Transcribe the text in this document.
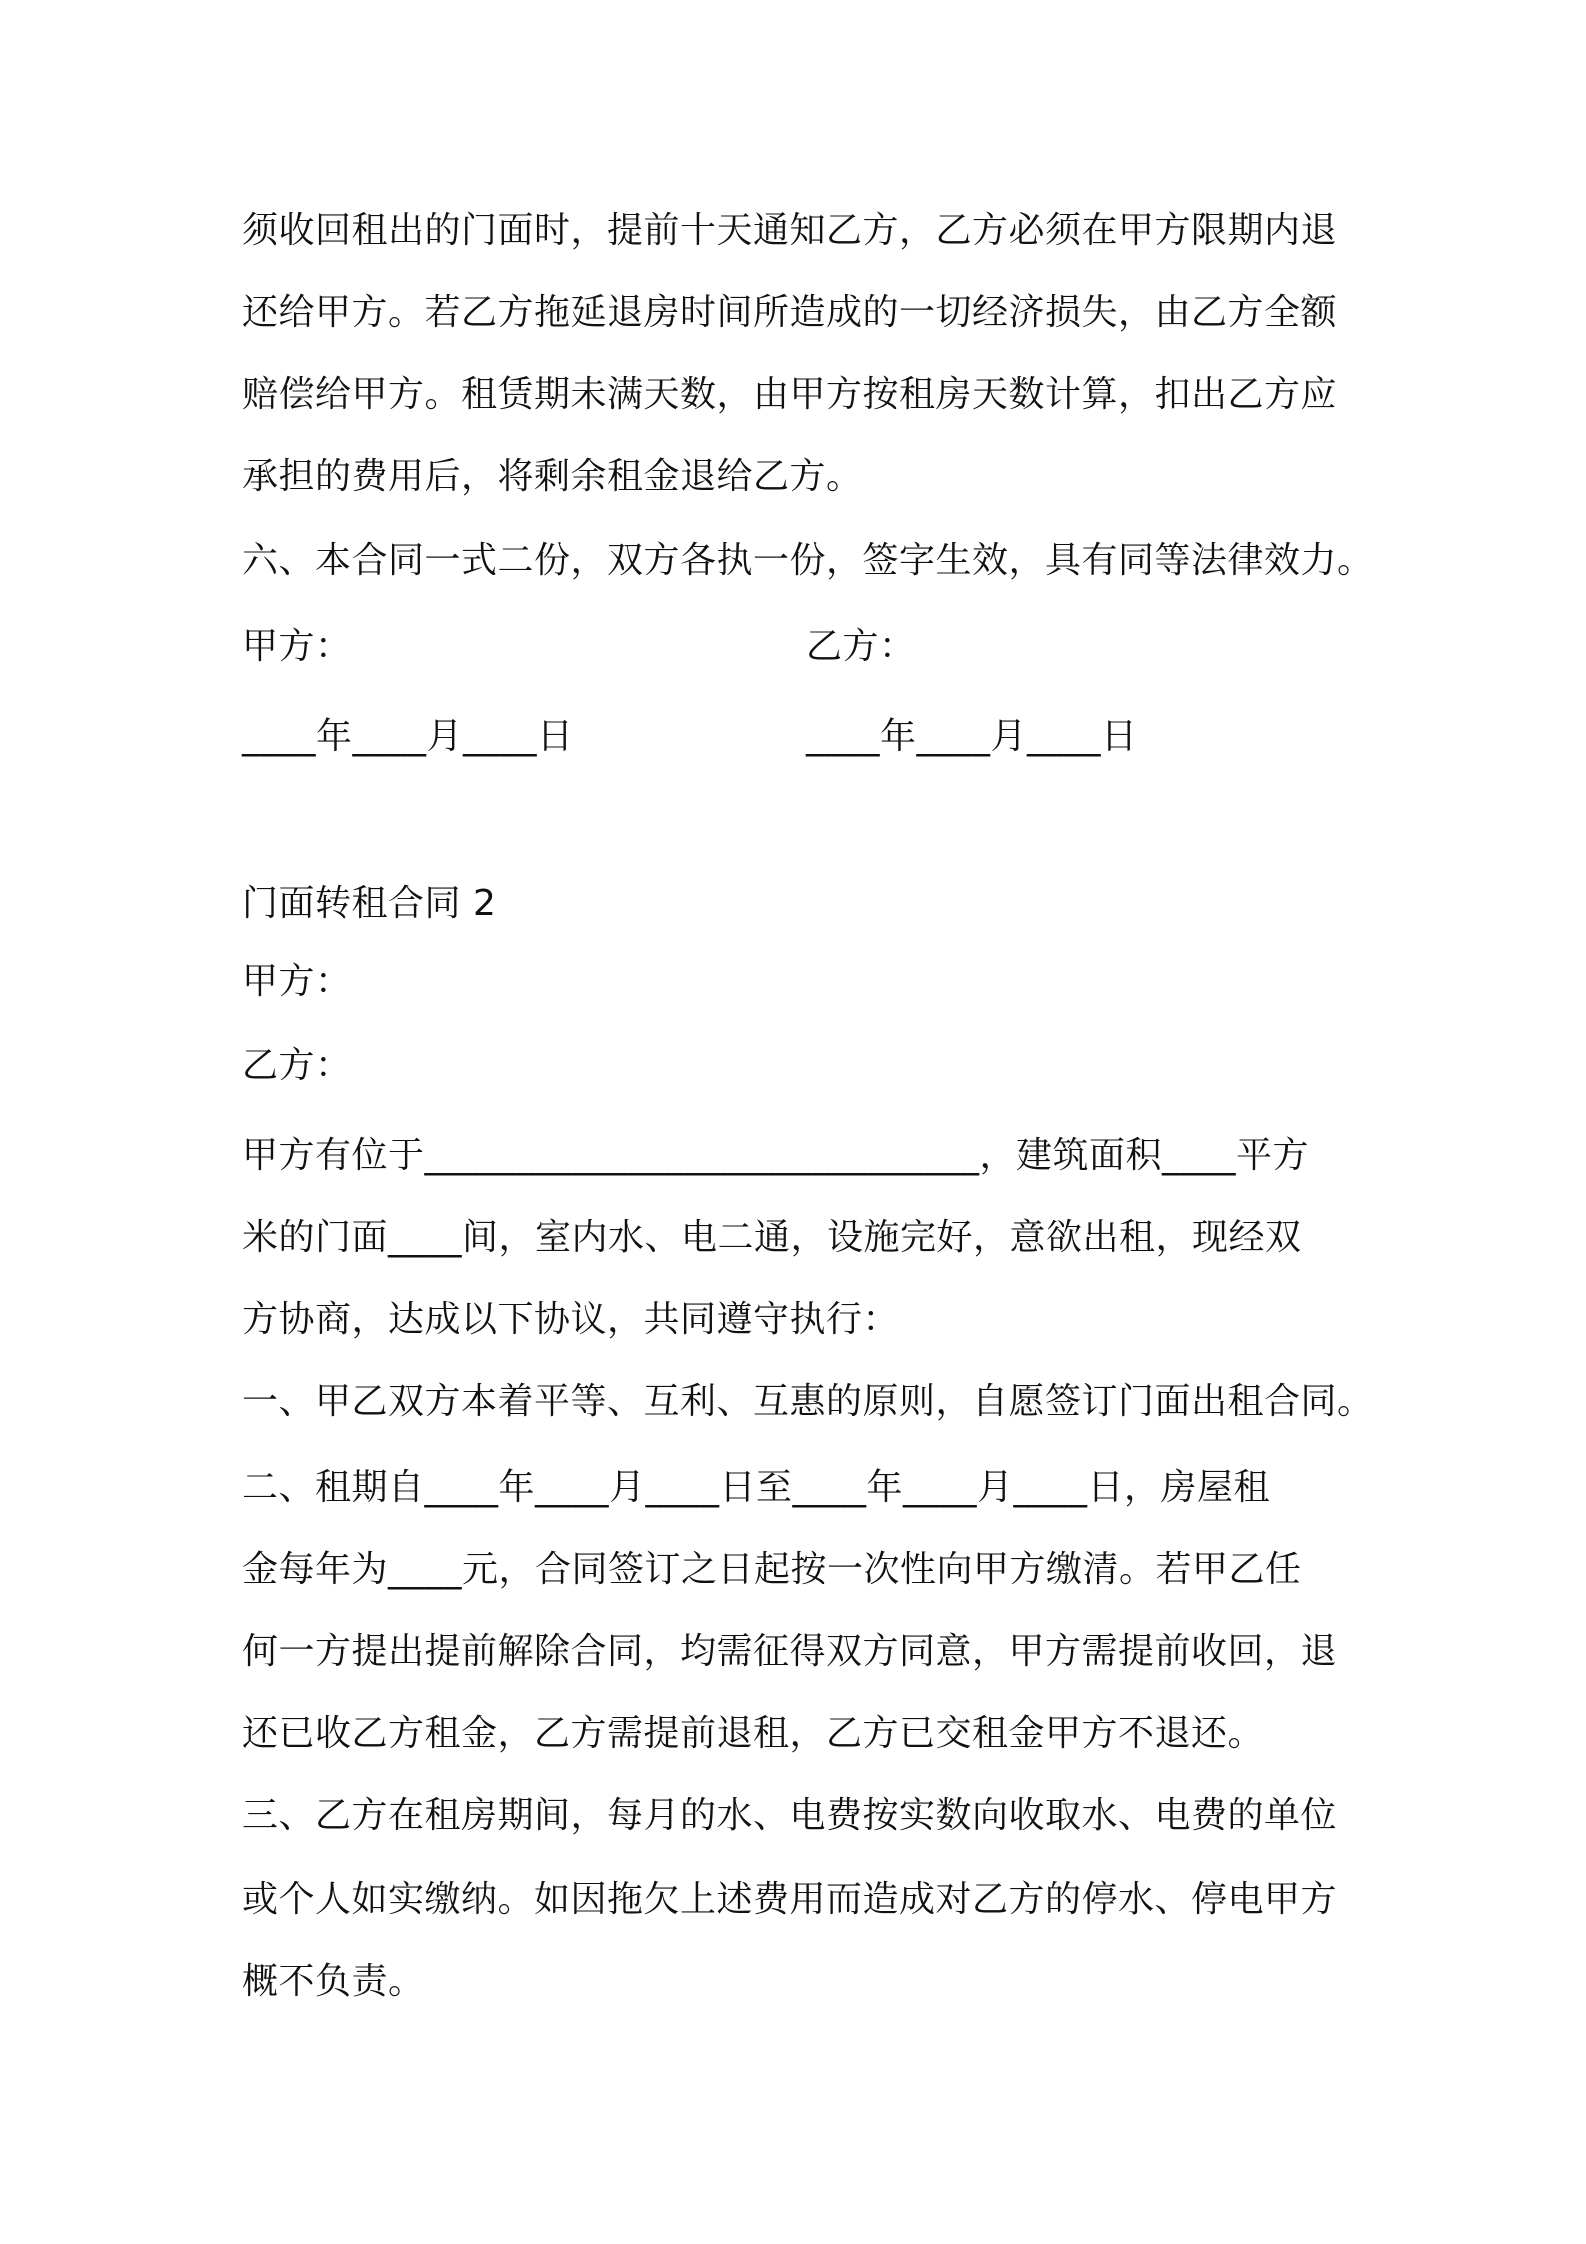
须收回租出的门面时，提前十天通知乙方，乙方必须在甲方限期内退
还给甲方。若乙方拖延退房时间所造成的一切经济损失，由乙方全额
赔偿给甲方。租赁期未满天数，由甲方按租房天数计算，扣出乙方应
承担的费用后，将剩余租金退给乙方。
六、本合同一式二份，双方各执一份，签字生效，具有同等法律效力。
甲方：	乙方：
____年____月____日	____年____月____日
门面转租合同 2
甲方：
乙方：
甲方有位于______________________________，建筑面积____平方
米的门面____间，室内水、电二通，设施完好，意欲出租，现经双
方协商，达成以下协议，共同遵守执行：
一、甲乙双方本着平等、互利、互惠的原则，自愿签订门面出租合同。
二、租期自____年____月____日至____年____月____日，房屋租
金每年为____元，合同签订之日起按一次性向甲方缴清。若甲乙任
何一方提出提前解除合同，均需征得双方同意，甲方需提前收回，退
还已收乙方租金，乙方需提前退租，乙方已交租金甲方不退还。
三、乙方在租房期间，每月的水、电费按实数向收取水、电费的单位
或个人如实缴纳。如因拖欠上述费用而造成对乙方的停水、停电甲方
概不负责。
